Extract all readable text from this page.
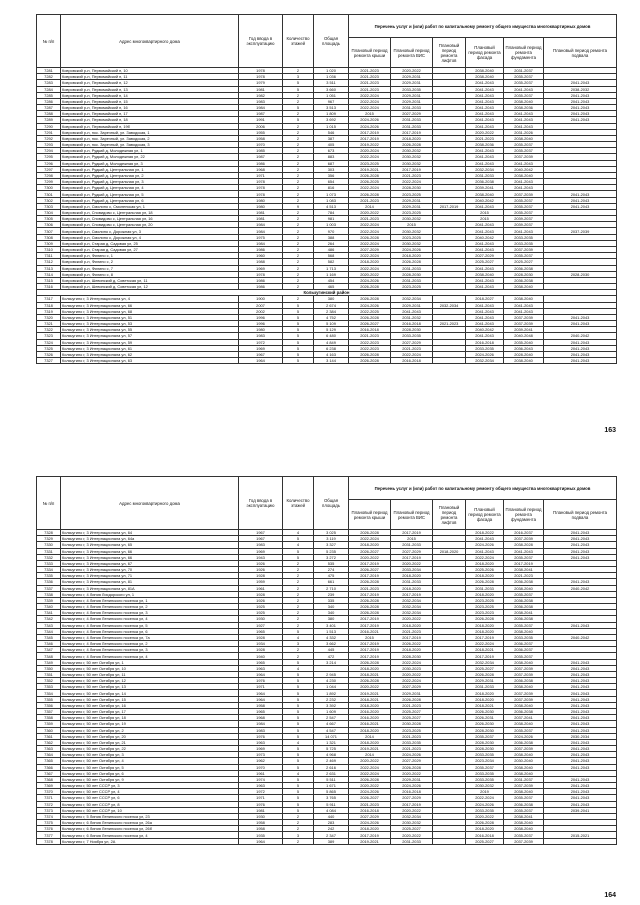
№ п/п	Адрес многоквартирного дома	Год ввода в эксплуатацию	Количество этажей	Общая площадь	Перечень услуг и (или) работ по капитальному ремонту общего имущества многоквартирных домов					
					Плановый период ремонта крыши	Плановый период ремонта ВИС	Плановый период ремонта лифтов	Плановый период ремонта фасада	Плановый период ремонта фундамента	Плановый период ремонта подвала
7281	Ковровский р-н, Первомайский п, 10	1978	2	1 020	2021-2023	2020-2022		2038-2040	2031-2037	
7282	Ковровский р-н, Первомайский п, 11	1978	3	1 036	2021-2023	2029-2031		2038-2040	2035-2037	
7283	Ковровский р-н, Первомайский п, 12	1979	5	3 511	2021-2023	2029-2031		2041-2043	2035-2037	2041-2043
7284	Ковровский р-н, Первомайский п, 13	1981	5	3 660	2021-2023	2033-2035		2041-2043	2041-2043	2038-2032
7285	Ковровский р-н, Первомайский п, 14	1982	2	1 051	2022-2024	2029-2031		2041-2043	2035-2037	2041-2043
7286	Ковровский р-н, Первомайский п, 15	1983	2	967	2022-2024	2029-2031		2041-2043	2038-2040	2041-2043
7287	Ковровский р-н, Первомайский п, 16	1984	5	3 513	2022-2024	2031-2033		2041-2043	2038-2036	2041-2043
7288	Ковровский р-н, Первомайский п, 17	1987	2	1 809	2015	2027-2029		2041-2043	2041-2043	2041-2043
7289	Ковровский р-н, Первомайский п, 18	1991	5	3 692	2024-2026	2031-2033		2041-2043	2041-2043	2041-2043
7290	Ковровский р-н, Первомайский п, 19б	2006	2	1 015	2024-2026	2031-2033		2041-2043	2041-2043	
7291	Ковровский р-н, пос. Заречный, ул. Заводская, 1	1955	2	546	2017-2019	2017-2019		2020-2022	2031-2026	
7292	Ковровский р-н, пос. Заречный, ул. Заводская, 2	1958	2	387	2017-2019	2018-2020		2021-2023	2038-2040	
7293	Ковровский р-н, пос. Заречный, ул. Заводская, 3	1970	2	405	2019-2022	2026-2028		2038-2036	2035-2037	
7294	Ковровский р-н, Рудкий д, Молодежная ул, 1	1985	2	673	2020-2024	2030-2032		2041-2043	2035-2037	
7295	Ковровский р-н, Рудкий д, Молодежная ул, 22	1987	2	883	2022-2024	2030-2032		2041-2043	2037-2039	
7296	Ковровский р-н, Рудкий д, Молодежная ул, 3	1986	2	687	2023-2025	2030-2032		2041-2043	2041-2043	
7297	Ковровский р-н, Рудкий д, Центральная ул, 1	1968	2	303	2019-2021	2017-2019		2032-2034	2040-2042	
7298	Ковровский р-н, Рудкий д, Центральная ул, 2	1971	2	356	2026-2028	2021-2023		2031-2033	2038-2040	
7299	Ковровский р-н, Рудкий д, Центральная ул, 3	1978	2	654	2026-2025	2022-2024		2036-2038	2041-2043	
7300	Ковровский р-н, Рудкий д, Центральная ул, 4	1978	2	816	2022-2024	2028-2030		2039-2041	2041-2043	
7301	Ковровский р-н, Рудкий д, Центральная ул, 5	1978	2	1 073	2026-2028	2023-2025		2038-2040	2037-2039	2041-2043
7302	Ковровский р-н, Рудкий д, Центральная ул, 6	1980	2	1 083	2021-2023	2029-2031		2040-2042	2035-2037	2041-2043
7303	Ковровский р-н, Смолино с, Смоленская ул, 1	1980	9	4 513	2014	2029-2031	2017-2019	2041-2043	2035-2037	2041-2043
7304	Ковровский р-н, Сновидово с, Центральная ул, 18	1981	2	784	2020-2022	2023-2025		2015	2035-2037	
7305	Ковровский р-н, Сновидово с, Центральная ул, 16	1981	2	981	2021-2023	2030-2032		2015	2039-2037	
7306	Ковровский р-н, Сновидово с, Центральная ул, 20	1984	2	1 003	2022-2024	2015		2041-2043	2039-2037	
7307	Ковровский р-н, Смолино с, Дорожная ул, 3	1984	2	970	2022-2024	2030-2032		2041-2043	2041-2043	2037-2039
7308	Ковровский р-н, Смолино с, Дорожная ул, 4	1975	2	388	2026-2028	2023-2025		2040-2042	2033-2035	
7309	Ковровский р-н, Старая д, Садовая ул, 25	1984	2	264	2022-2024	2030-2032		2041-2043	2033-2035	
7310	Ковровский р-н, Старая д, Садовая ул, 27	1986	2	486	2027-2029	2024-2026		2041-2043	2037-2039	
7311	Ковровский р-н, Филино с, 1	1960	2	568	2022-2024	2018-2020		2027-2029	2035-2037	
7312	Ковровский р-н, Филино с, 2	1988	2	582	2018-2020	2026-2028		2025-2027	2025-2027	
7313	Ковровский р-н, Филино с, 7	1969	2	1 713	2022-2024	2031-2033		2041-2043	2036-2038	
7314	Ковровский р-н, Филино с, 8	1978	2	1 169	2020-2022	2028-2030		2038-2040	2028-2030	2028-2030
7315	Ковровский р-н, Шевинский д, Советская ул, 11	1986	2	454	2024-2026	2031-2033		2041-2043	2036-2038	
7316	Ковровский р-н, Шевинский д, Советская ул, 12	1986	2	465	2026-2028	2023-2025		2041-2043	2038-2040	
Кольчугинский район										
7317	Кольчугино г, 3 Интернационала ул, 4	1900	2	380	2026-2028	2032-2034		2018-2027	2038-2040	
7318	Кольчугино г, 3 Интернационала ул, 66	2007	5	2 674	2024-2026	2029-2031	2032-2034	2041-2043	2041-2043	
7319	Кольчугино г, 3 Интернационала ул, 68	2002	5	2 384	2022-2025	2041-2043		2041-2043	2041-2043	
7320	Кольчугино г, 3 Интернационала ул, 51	1996	5	4 752	2026-2028	2031-2032		2041-2043	2037-2039	2041-2043
7321	Кольчугино г, 3 Интернационала ул, 53	1996	5	5 109	2026-2027	2016-2018	2021-2023	2041-2043	2037-2039	2041-2043
7322	Кольчугино г, 3 Интернационала ул, 55	1980	5	5 129	2016-2018	2028-2030		2040-2042	2039-2041	
7323	Кольчугино г, 3 Интернационала ул, 57	1983	5	6 480	2021-2023	2033-2035		2041-2043	2040-2048	2040-2042
7324	Кольчугино г, 3 Интернационала ул, 59	1972	5	4 849	2022-2023	2027-2029		2016-2018	2035-2040	2041-2043
7325	Кольчугино г, 3 Интернационала ул, 61	1969	5	6 238	2022-2023	2021-2023		2033-2035	2036-2043	2041-2043
7326	Кольчугино г, 3 Интернационала ул, 62	1967	5	4 163	2026-2028	2022-2024		2024-2026	2028-2040	2041-2043
7327	Кольчугино г, 3 Интернационала ул, 63	1964	5	3 144	2026-2028	2016-2018		2032-2034	2038-2040	2041-2043
163
№ п/п	Адрес многоквартирного дома	Год ввода в эксплуатацию	Количество этажей	Общая площадь	Перечень услуг и (или) работ по капитальному ремонту общего имущества многоквартирных домов					
					Плановый период ремонта крыши	Плановый период ремонта ВИС	Плановый период ремонта лифтов	Плановый период ремонта фасада	Плановый период ремонта фундамента	Плановый период ремонта подвала
7328	Кольчугино г, 3 Интернационала ул, 64	1967	4	3 025	2026-2028	2017-2019		2018-2022	2016-2037	2041-2043
7329	Кольчугино г, 3 Интернационала ул, 64а	1967	5	3 119	2022-2024	2015		2041-2043	2037-2039	2041-2043
7330	Кольчугино г, 3 Интернационала ул, 65	1983	4	3 327	2018-2020	2031-2033		2024-2026	2038-2028	2041-2043
7331	Кольчугино г, 3 Интернационала ул, 66	1969	5	5 235	2026-2027	2027-2029	2018-2020	2041-2043	2041-2043	2041-2043
7332	Кольчугино г, 3 Интернационала ул, 66	1943	5	3 272	2020-2022	2017-2019		2022-2024	2035-2037	2041-2043
7333	Кольчугино г, 3 Интернационала ул, 67	1926	2	535	2017-2019	2020-2022		2018-2020	2017-2019	
7334	Кольчугино г, 3 Интернационала ул, 70	1926	2	274	2026-2027	2033-2034		2025-2026	2038-2041	
7335	Кольчугино г, 3 Интернационала ул, 71	1928	2	475	2017-2019	2018-2020		2018-2020	2021-2023	
7336	Кольчугино г, 3 Интернационала ул, 81	1959	2	661	2026-2028	2031-2033		2026-2028	2036-2038	2041-2043
7337	Кольчугино г, 3 Интернационала ул, 81А	1961	2	2 710	2021-2023	2018-2020		2031-2033	2038-2040	2040-2042
7338	Кольчугино г, 4 Линия Лисдорского ул, 1	1928	2	239	2017-2019	2017-2019		2018-2020	2035-2037	
7339	Кольчугино г, 4 Линия Ленинского поселка ул, 1	1926	2	335	2026-2028	2032-2034		2023-2025	2036-2038	
7340	Кольчугино г, 4 Линия Ленинского поселка ул, 2	1925	2	340	2026-2028	2032-2034		2023-2025	2036-2038	
7341	Кольчугино г, 4 Линия Ленинского поселка ул, 3	1925	2	340	2026-2028	2032-2034		2023-2023	2038-2041	
7342	Кольчугино г, 4 Линия Ленинского поселка ул, 4	1930	2	380	2017-2019	2020-2022		2026-2028	2036-2038	
7343	Кольчугино г, 4 Линия Ленинского поселка ул, 5	1927	2	3 401	2017-2019	2018-2020		2018-2020	2035-2037	2041-2043
7344	Кольчугино г, 4 Линия Ленинского поселка ул, 6	1965	5	1 513	2016-2021	2021-2023		2018-2020	2038-2040	
7345	Кольчугино г, 4 Линия Ленинского поселка ул, 7а	1928	4	4 332	2015	2017-2019		2017-2019	2033-2035	2040-2042
7346	Кольчугино г, 4 Линия Ленинского поселка ул, 2	1934	3	3 662	2017-2019	2026-2022		2022-2024	2036-2037	
7347	Кольчугино г, 4 Линия Ленинского поселка ул, 3	1928	2	445	2017-2019	2018-2020		2018-2021	2036-2037	
7348	Кольчугино г, 4 Линия Ленинского поселка ул, 4	1940	2	472	2017-2019	2028-2030		2017-2019	2035-2037	
7349	Кольчугино г, 50 лет Октября ул, 1	1965	5	3 214	2026-2028	2022-2024		2032-2034	2038-2040	2041-2043
7350	Кольчугино г, 50 лет Октября ул, 10	1963	4		2018-2020	2030-2023		2025-2027	2037-2039	2041-2043
7351	Кольчугино г, 50 лет Октября ул, 11	1964	5	2 945	2018-2021	2020-2022		2026-2028	2037-2039	2041-2043
7352	Кольчугино г, 50 лет Октября ул, 12	1976	5	4 230	2026-2028	2022-2024		2029-2031	2036-2038	2041-2043
7353	Кольчугино г, 50 лет Октября ул, 13	1971	5	1 044	2020-2022	2027-2029		2031-2033	2038-2040	2041-2043
7354	Кольчугино г, 50 лет Октября ул, 14	1964	5	1 892	2019-2021	2029-2031		2018-2020	2037-2039	2041-2043
7355	Кольчугино г, 50 лет Октября ул, 15	1964	5	2 232	2018-2021	2026-2028		2018-2020	2037-2039	2041-2043
7356	Кольчугино г, 50 лет Октября ул, 16	1958	5	3 392	2018-2020	2021-2023		2018-2021	2038-2040	2041-2043
7357	Кольчугино г, 50 лет Октября ул, 17	1965	5	1 609	2016-2020	2025-2027		2026-2030	2036-2038	2041-2043
7358	Кольчугино г, 50 лет Октября ул, 18	1968	5	2 547	2016-2020	2025-2027		2026-2031	2037-2041	2041-2043
7359	Кольчугино г, 50 лет Октября ул, 19	1984	5	4 667	2016-2021	2030-2028		2026-2030	2038-2040	2041-2043
7360	Кольчугино г, 50 лет Октября ул, 2	1983	5	4 547	2018-2020	2023-2025		2028-2030	2035-2037	2041-2043
7361	Кольчугино г, 50 лет Октября ул, 20	1976	5	14 071	2014	2021-2023		2035-2037	2024-2026	2030-2034
7362	Кольчугино г, 50 лет Октября ул, 21	1963	4	1 321	2018-2020	2033-2035		2028-2030	2036-2038	2041-2043
7363	Кольчугино г, 50 лет Октября ул, 22	1969	5	5 725	2019-2021	2021-2023		2028-2030	2037-2039	2041-2043
7364	Кольчугино г, 50 лет Октября ул, 3	1973	5	4 968	2014	2024-2026		2033-2035	2038-2040	2041-2043
7365	Кольчугино г, 50 лет Октября ул, 4	1962	5	2 469	2020-2022	2027-2029		2023-2034	2030-2040	2041-2043
7366	Кольчугино г, 50 лет Октября ул, 5	1970	5	2 616	2022-2024	2026-2028		2035-2037	2038-2040	2041-2043
7367	Кольчугино г, 50 лет Октября ул, 6	1961	4	2 631	2022-2024	2020-2022		2033-2035	2038-2040	
7368	Кольчугино г, 50 лет Октября ул, 9	1974	5	5 511	2026-2028	2029-2031		2033-2035	2031-2037	2041-2043
7369	Кольчугино г, 50 лет СССР ул, 3	1963	5	1 671	2020-2022	2024-2026		2030-2032	2037-2039	2041-2043
7370	Кольчугино г, 50 лет СССР ул, 4	1972	5	5 865	2024-2026	2016-2018		2019	2038-2040	2041-2043
7371	Кольчугино г, 50 лет СССР ул, 6	1971	5	3 765	2026-2027	2027-2029		2022-2024	2035-2037	2041-2043
7372	Кольчугино г, 50 лет СССР ул, 8	1976	5	5 911	2021-2023	2017-2019		2024-2026	2036-2038	2041-2043
7373	Кольчугино г, 50 лет СССР ул, 10	1981	5	4 084	2016-2018	2020-2022		2033-2035	2035-2037	2039-2041
7374	Кольчугино г, 5 Линия Ленинского поселка ул, 23	1930	2	440	2027-2029	2032-2034		2020-2022	2038-2041	
7375	Кольчугино г, 6 Линия Ленинского поселка ул, 26а	1958	2	283	2024-2026	2030-2032		2026-2028	2038-2040	
7376	Кольчугино г, 6 Линия Ленинского поселка ул, 26б	1958	2	242	2018-2020	2025-2027		2018-2020	2038-2040	
7377	Кольчугино г, 6 Линия Ленинского поселка ул, 4	1935	3	2 347	2017-2019	2020-2022		2016-2018	2035-2037	2015-2021
7378	Кольчугино г, 7 Ноября ул, 2А	1964	2	389	2019-2021	2031-2033		2025-2027	2037-2039	
164
